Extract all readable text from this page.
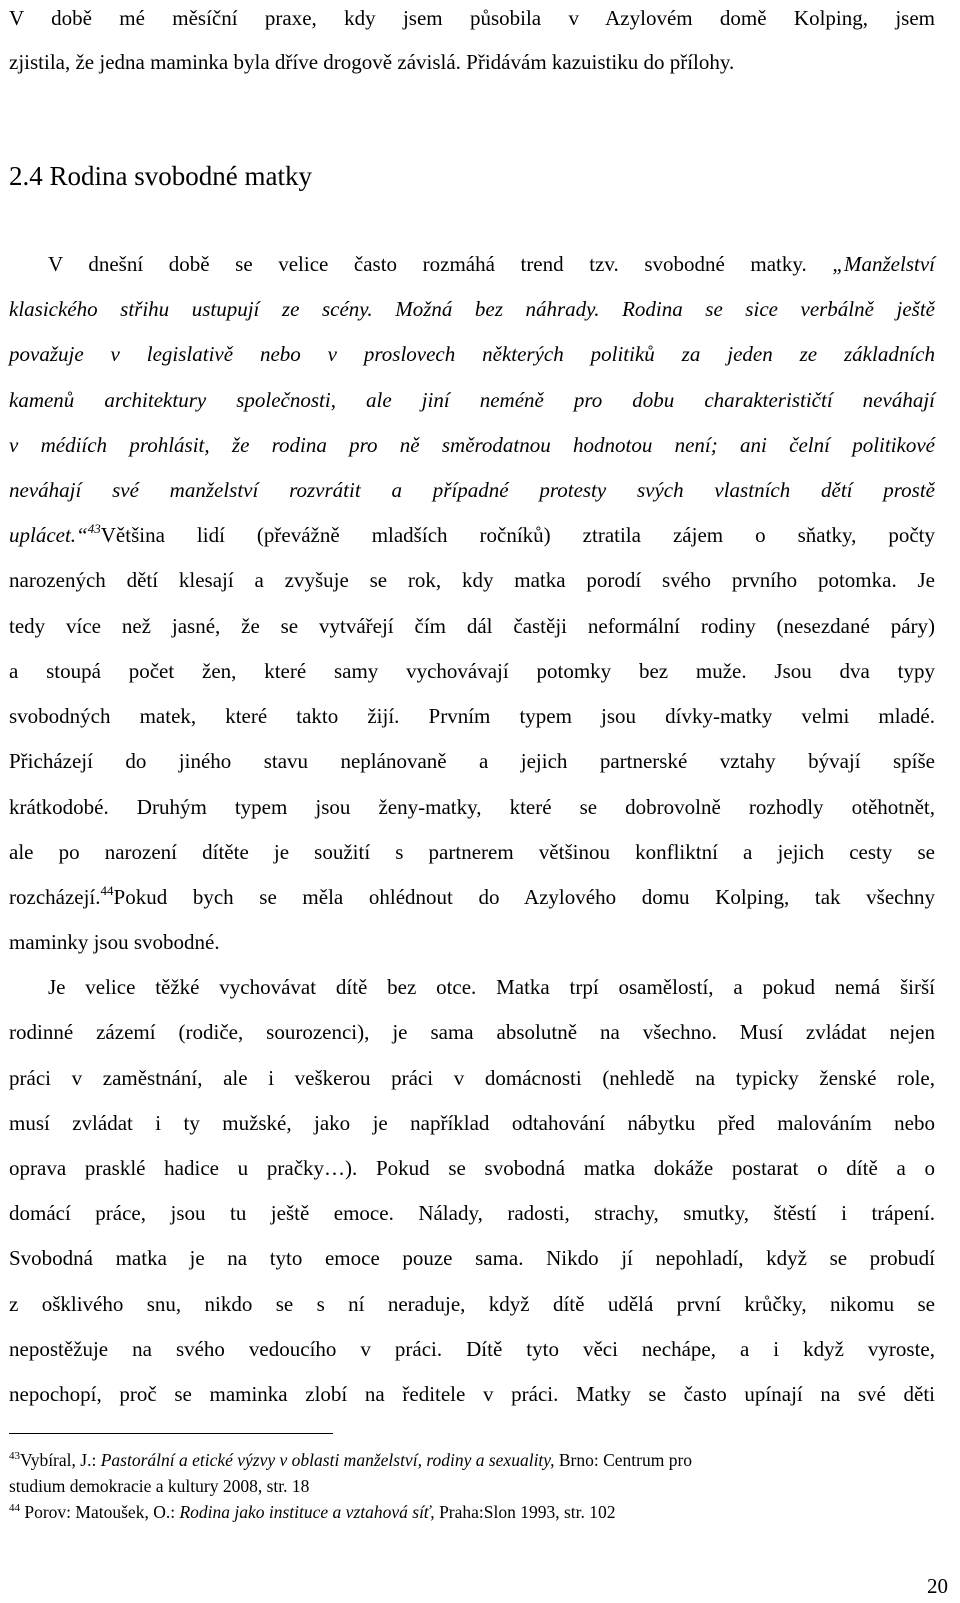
V době mé měsíční praxe, kdy jsem působila v Azylovém domě Kolping, jsem
zjistila, že jedna maminka byla dříve drogově závislá. Přidávám kazuistiku do přílohy.
2.4 Rodina svobodné matky
V dnešní době se velice často rozmáhá trend tzv. svobodné matky. „Manželství
klasického střihu ustupují ze scény. Možná bez náhrady. Rodina se sice verbálně ještě
považuje v legislativě nebo v proslovech některých politiků za jeden ze základních
kamenů architektury společnosti, ale jiní neméně pro dobu charakterističtí neváhají
v médiích prohlásit, že rodina pro ně směrodatnou hodnotou není; ani čelní politikové
neváhají své manželství rozvrátit a případné protesty svých vlastních dětí prostě
uplácet.“$^{43}$Většina lidí (převážně mladších ročníků) ztratila zájem o sňatky, počty
narozených dětí klesají a zvyšuje se rok, kdy matka porodí svého prvního potomka. Je
tedy více než jasné, že se vytvářejí čím dál častěji neformální rodiny (nesezdané páry)
a stoupá počet žen, které samy vychovávají potomky bez muže. Jsou dva typy
svobodných matek, které takto žijí. Prvním typem jsou dívky-matky velmi mladé.
Přicházejí do jiného stavu neplánovaně a jejich partnerské vztahy bývají spíše
krátkodobé. Druhým typem jsou ženy-matky, které se dobrovolně rozhodly otěhotnět,
ale po narození dítěte je soužití s partnerem většinou konfliktní a jejich cesty se
rozcházejí.$^{44}$Pokud bych se měla ohlédnout do Azylového domu Kolping, tak všechny
maminky jsou svobodné.
Je velice těžké vychovávat dítě bez otce. Matka trpí osamělostí, a pokud nemá širší
rodinné zázemí (rodiče, sourozenci), je sama absolutně na všechno. Musí zvládat nejen
práci v zaměstnání, ale i veškerou práci v domácnosti (nehledě na typicky ženské role,
musí zvládat i ty mužské, jako je například odtahování nábytku před malováním nebo
oprava prasklé hadice u pračky…). Pokud se svobodná matka dokáže postarat o dítě a o
domácí práce, jsou tu ještě emoce. Nálady, radosti, strachy, smutky, štěstí i trápení.
Svobodná matka je na tyto emoce pouze sama. Nikdo jí nepohladí, když se probudí
z ošklivého snu, nikdo se s ní neraduje, když dítě udělá první krůčky, nikomu se
nepostěžuje na svého vedoucího v práci. Dítě tyto věci nechápe, a i když vyroste,
nepochopí, proč se maminka zlobí na ředitele v práci. Matky se často upínají na své děti
$^{43}$Vybíral, J.: Pastorální a etické výzvy v oblasti manželství, rodiny a sexuality, Brno: Centrum pro
studium demokracie a kultury 2008, str. 18
$^{44}$ Porov: Matoušek, O.: Rodina jako instituce a vztahová síť, Praha:Slon 1993, str. 102
20
